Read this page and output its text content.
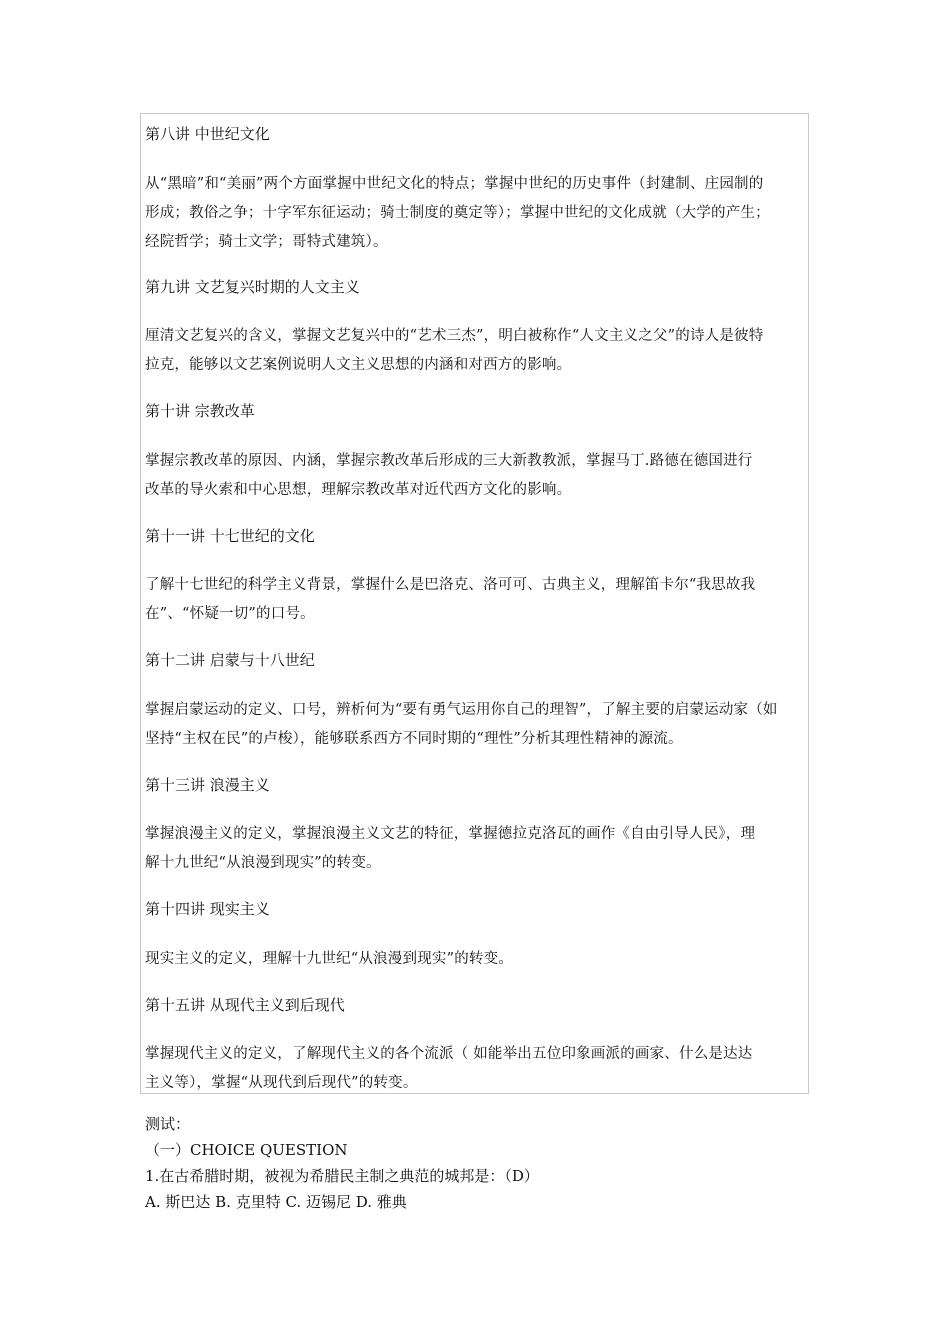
第八讲 中世纪文化
从“黑暗”和“美丽”两个方面掌握中世纪文化的特点；掌握中世纪的历史事件（封建制、庄园制的
形成；教俗之争；十字军东征运动；骑士制度的奠定等）；掌握中世纪的文化成就（大学的产生；
经院哲学；骑士文学；哥特式建筑）。
第九讲 文艺复兴时期的人文主义
厘清文艺复兴的含义，掌握文艺复兴中的“艺术三杰”，明白被称作“人文主义之父”的诗人是彼特
拉克，能够以文艺案例说明人文主义思想的内涵和对西方的影响。
第十讲 宗教改革
掌握宗教改革的原因、内涵，掌握宗教改革后形成的三大新教教派，掌握马丁.路德在德国进行
改革的导火索和中心思想，理解宗教改革对近代西方文化的影响。
第十一讲 十七世纪的文化
了解十七世纪的科学主义背景，掌握什么是巴洛克、洛可可、古典主义，理解笛卡尔“我思故我
在”、“怀疑一切”的口号。
第十二讲 启蒙与十八世纪
掌握启蒙运动的定义、口号，辨析何为“要有勇气运用你自己的理智”，了解主要的启蒙运动家（如
坚持“主权在民”的卢梭），能够联系西方不同时期的“理性”分析其理性精神的源流。
第十三讲 浪漫主义
掌握浪漫主义的定义，掌握浪漫主义文艺的特征，掌握德拉克洛瓦的画作《自由引导人民》，理
解十九世纪“从浪漫到现实”的转变。
第十四讲 现实主义
现实主义的定义，理解十九世纪“从浪漫到现实”的转变。
第十五讲 从现代主义到后现代
掌握现代主义的定义，了解现代主义的各个流派（ 如能举出五位印象画派的画家、什么是达达
主义等），掌握“从现代到后现代”的转变。
测试：
（一）CHOICE QUESTION
1.在古希腊时期，被视为希腊民主制之典范的城邦是：（D）
A. 斯巴达 B. 克里特 C. 迈锡尼 D. 雅典
